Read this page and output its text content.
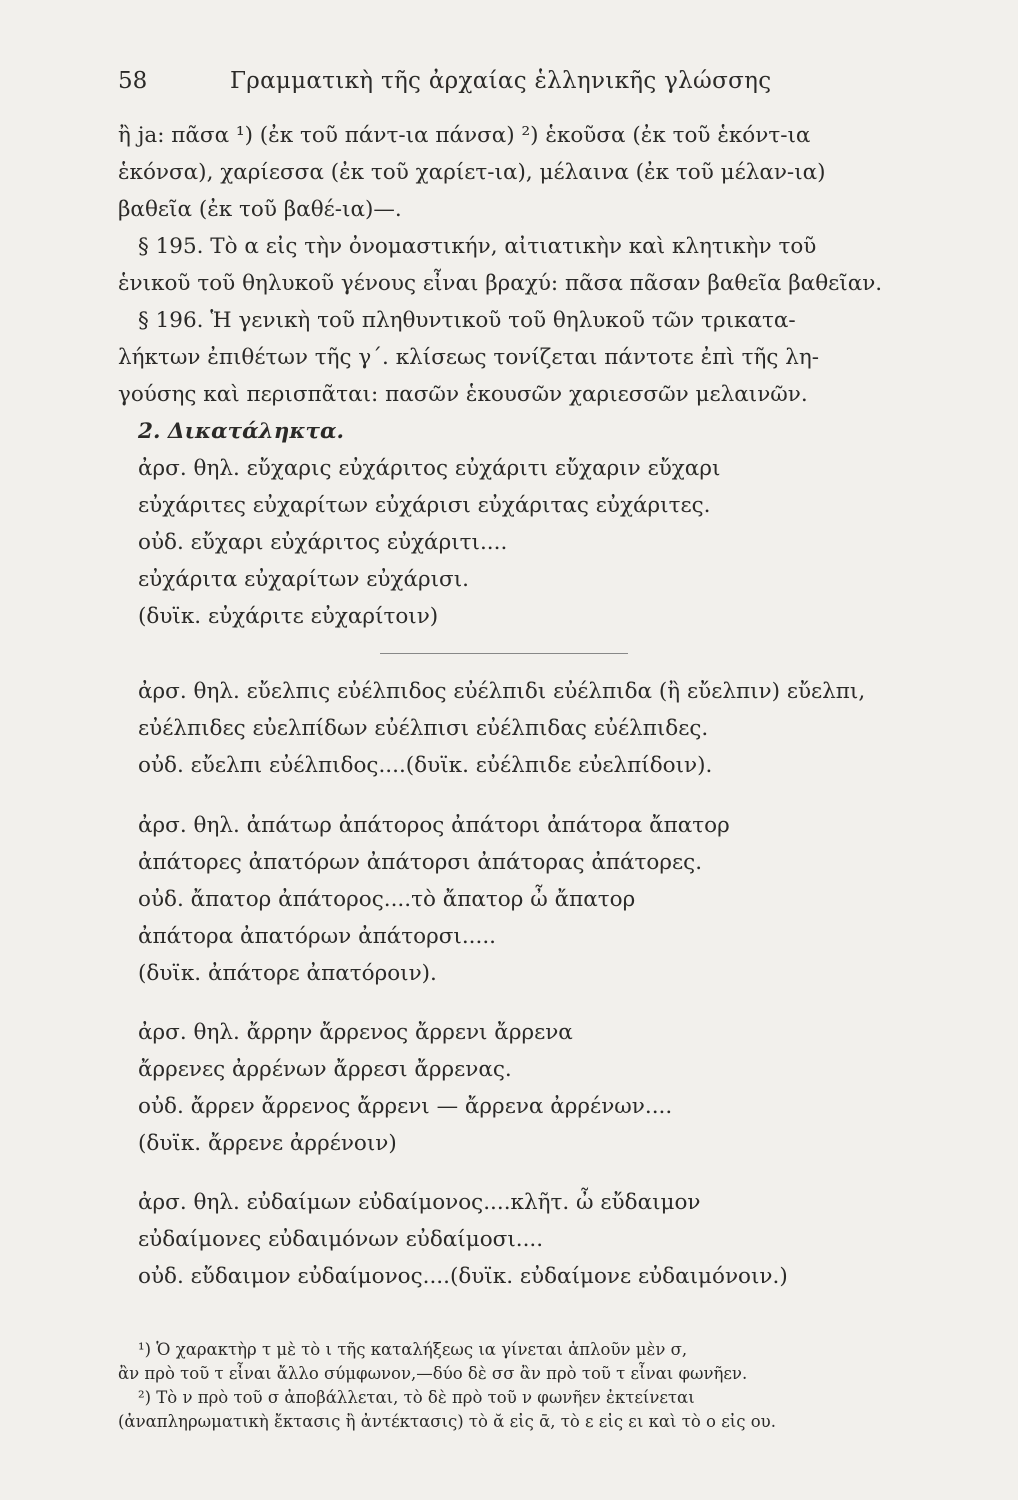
58	Γραμματικὴ τῆς ἀρχαίας ἑλληνικῆς γλώσσης
ἢ ja: πᾶσα ¹) (ἐκ τοῦ πάντ-ια πάνσα) ²) ἑκοῦσα (ἐκ τοῦ ἑκόντ-ια
ἑκόνσα), χαρίεσσα (ἐκ τοῦ χαρίετ-ια), μέλαινα (ἐκ τοῦ μέλαν-ια)
βαθεῖα (ἐκ τοῦ βαθέ-ια)—.
§ 195. Τὸ α εἰς τὴν ὀνομαστικήν, αἰτιατικὴν καὶ κλητικὴν τοῦ
ἑνικοῦ τοῦ θηλυκοῦ γένους εἶναι βραχύ: πᾶσα πᾶσαν βαθεῖα βαθεῖαν.
§ 196. Ἡ γενικὴ τοῦ πληθυντικοῦ τοῦ θηλυκοῦ τῶν τρικατα-
λήκτων ἐπιθέτων τῆς γ΄. κλίσεως τονίζεται πάντοτε ἐπὶ τῆς λη-
γούσης καὶ περισπᾶται: πασῶν ἑκουσῶν χαριεσσῶν μελαινῶν.
2. Δικατάληκτα.
ἀρσ. θηλ. εὔχαρις εὐχάριτος εὐχάριτι εὔχαριν εὔχαρι
εὐχάριτες εὐχαρίτων εὐχάρισι εὐχάριτας εὐχάριτες.
οὐδ. εὔχαρι εὐχάριτος εὐχάριτι....
εὐχάριτα εὐχαρίτων εὐχάρισι.
(δυϊκ. εὐχάριτε εὐχαρίτοιν)
ἀρσ. θηλ. εὔελπις εὐέλπιδος εὐέλπιδι εὐέλπιδα (ἢ εὔελπιν) εὔελπι,
εὐέλπιδες εὐελπίδων εὐέλπισι εὐέλπιδας εὐέλπιδες.
οὐδ. εὔελπι εὐέλπιδος....(δυϊκ. εὐέλπιδε εὐελπίδοιν).
ἀρσ. θηλ. ἀπάτωρ ἀπάτορος ἀπάτορι ἀπάτορα ἄπατορ
ἀπάτορες ἀπατόρων ἀπάτορσι ἀπάτορας ἀπάτορες.
οὐδ. ἄπατορ ἀπάτορος....τὸ ἄπατορ ὦ ἄπατορ
ἀπάτορα ἀπατόρων ἀπάτορσι.....
(δυϊκ. ἀπάτορε ἀπατόροιν).
ἀρσ. θηλ. ἄρρην ἄρρενος ἄρρενι ἄρρενα
ἄρρενες ἀρρένων ἄρρεσι ἄρρενας.
οὐδ. ἄρρεν ἄρρενος ἄρρενι — ἄρρενα ἀρρένων....
(δυϊκ. ἄρρενε ἀρρένοιν)
ἀρσ. θηλ. εὐδαίμων εὐδαίμονος....κλῆτ. ὦ εὔδαιμον
εὐδαίμονες εὐδαιμόνων εὐδαίμοσι....
οὐδ. εὔδαιμον εὐδαίμονος....(δυϊκ. εὐδαίμονε εὐδαιμόνοιν.)
¹) Ὁ χαρακτὴρ τ μὲ τὸ ι τῆς καταλήξεως ια γίνεται ἁπλοῦν μὲν σ,
ἂν πρὸ τοῦ τ εἶναι ἄλλο σύμφωνον,—δύο δὲ σσ ἂν πρὸ τοῦ τ εἶναι φωνῆεν.
²) Τὸ ν πρὸ τοῦ σ ἀποβάλλεται, τὸ δὲ πρὸ τοῦ ν φωνῆεν ἐκτείνεται
(ἀναπληρωματικὴ ἔκτασις ἢ ἀντέκτασις) τὸ ᾰ εἰς ᾱ, τὸ ε εἰς ει καὶ τὸ ο εἰς ου.
